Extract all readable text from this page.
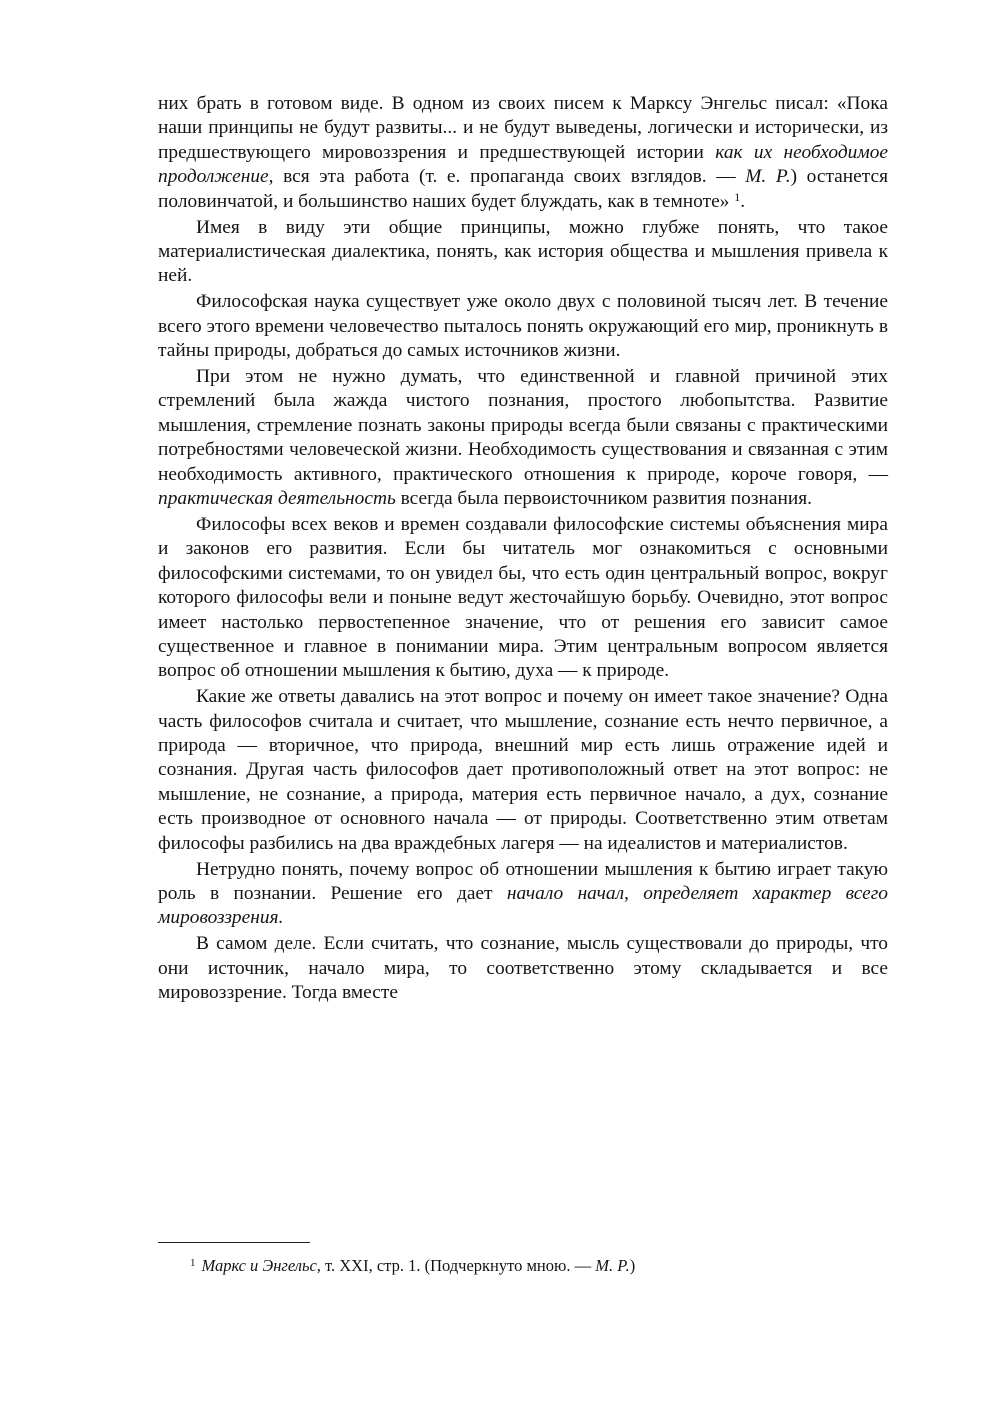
них брать в готовом виде. В одном из своих писем к Марксу Энгельс писал: «Пока наши принципы не будут развиты... и не будут выведены, логически и исторически, из предшествующего мировоззрения и предшествующей истории как их необходимое продолжение, вся эта работа (т. е. пропаганда своих взглядов. — М. Р.) останется половинчатой, и большинство наших будет блуждать, как в темноте» $^1$.

Имея в виду эти общие принципы, можно глубже понять, что такое материалистическая диалектика, понять, как история общества и мышления привела к ней.

Философская наука существует уже около двух с половиной тысяч лет. В течение всего этого времени человечество пыталось понять окружающий его мир, проникнуть в тайны природы, добраться до самых источников жизни.

При этом не нужно думать, что единственной и главной причиной этих стремлений была жажда чистого познания, простого любопытства. Развитие мышления, стремление познать законы природы всегда были связаны с практическими потребностями человеческой жизни. Необходимость существования и связанная с этим необходимость активного, практического отношения к природе, короче говоря, — практическая деятельность всегда была первоисточником развития познания.

Философы всех веков и времен создавали философские системы объяснения мира и законов его развития. Если бы читатель мог ознакомиться с основными философскими системами, то он увидел бы, что есть один центральный вопрос, вокруг которого философы вели и поныне ведут жесточайшую борьбу. Очевидно, этот вопрос имеет настолько первостепенное значение, что от решения его зависит самое существенное и главное в понимании мира. Этим центральным вопросом является вопрос об отношении мышления к бытию, духа — к природе.

Какие же ответы давались на этот вопрос и почему он имеет такое значение? Одна часть философов считала и считает, что мышление, сознание есть нечто первичное, а природа — вторичное, что природа, внешний мир есть лишь отражение идей и сознания. Другая часть философов дает противоположный ответ на этот вопрос: не мышление, не сознание, а природа, материя есть первичное начало, а дух, сознание есть производное от основного начала — от природы. Соответственно этим ответам философы разбились на два враждебных лагеря — на идеалистов и материалистов.

Нетрудно понять, почему вопрос об отношении мышления к бытию играет такую роль в познании. Решение его дает начало начал, определяет характер всего мировоззрения.

В самом деле. Если считать, что сознание, мысль существовали до природы, что они источник, начало мира, то соответственно этому складывается и все мировоззрение. Тогда вместе

$^1$ Маркс и Энгельс, т. XXI, стр. 1. (Подчеркнуто мною. — М. Р.)
